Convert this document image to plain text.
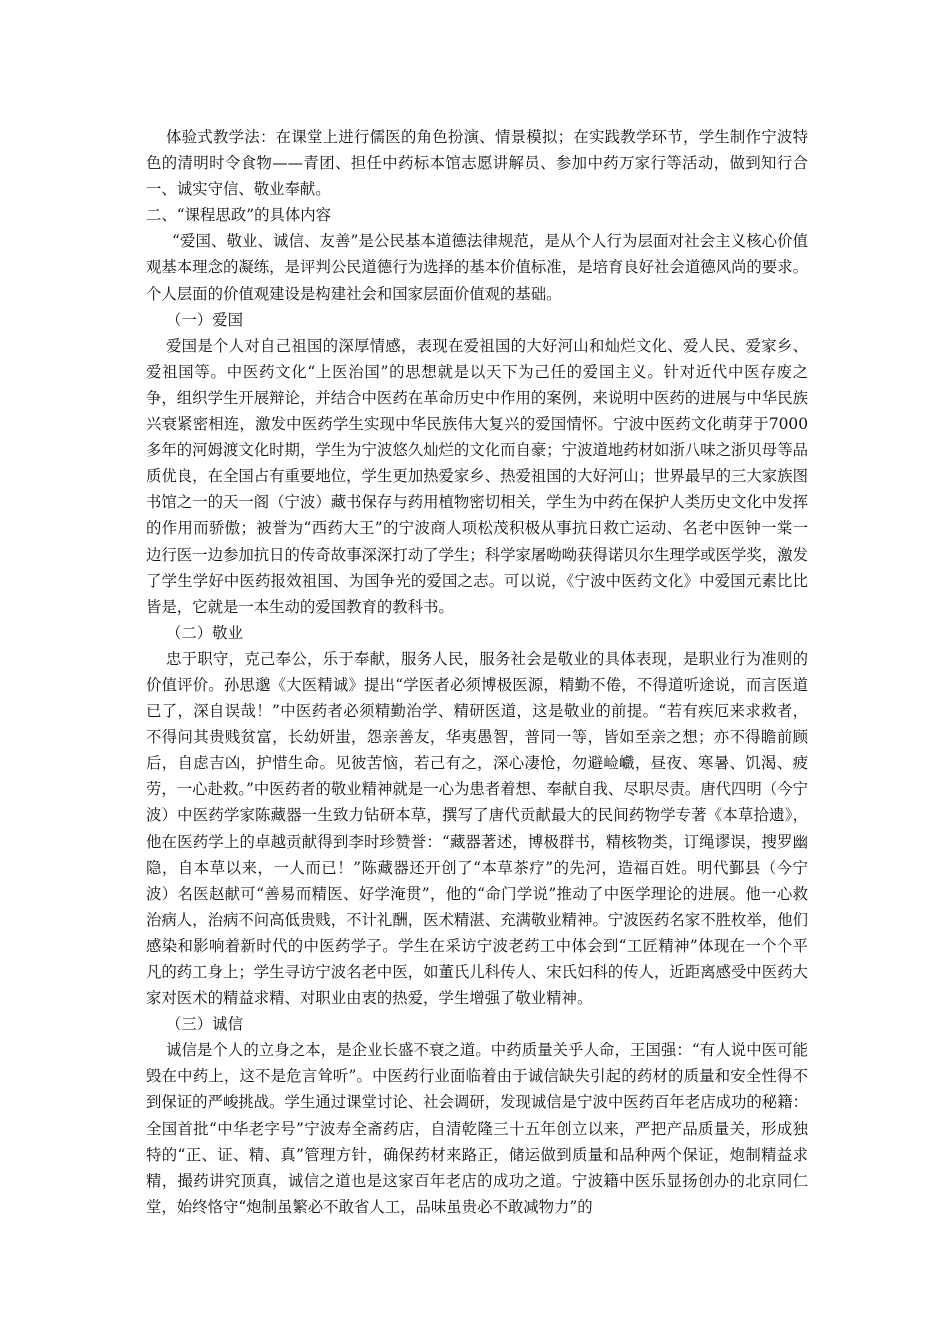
体验式教学法：在课堂上进行儒医的角色扮演、情景模拟；在实践教学环节，学生制作宁波特色的清明时令食物——青团、担任中药标本馆志愿讲解员、参加中药万家行等活动，做到知行合一、诚实守信、敬业奉献。

二、“课程思政”的具体内容

“爱国、敬业、诚信、友善”是公民基本道德法律规范，是从个人行为层面对社会主义核心价值观基本理念的凝练，是评判公民道德行为选择的基本价值标准，是培育良好社会道德风尚的要求。个人层面的价值观建设是构建社会和国家层面价值观的基础。

（一）爱国

爱国是个人对自己祖国的深厚情感，表现在爱祖国的大好河山和灿烂文化、爱人民、爱家乡、爱祖国等。中医药文化“上医治国”的思想就是以天下为己任的爱国主义。针对近代中医存废之争，组织学生开展辩论，并结合中医药在革命历史中作用的案例，来说明中医药的进展与中华民族兴衰紧密相连，激发中医药学生实现中华民族伟大复兴的爱国情怀。宁波中医药文化萌芽于7000多年的河姆渡文化时期，学生为宁波悠久灿烂的文化而自豪；宁波道地药材如浙八味之浙贝母等品质优良，在全国占有重要地位，学生更加热爱家乡、热爱祖国的大好河山；世界最早的三大家族图书馆之一的天一阁（宁波）藏书保存与药用植物密切相关，学生为中药在保护人类历史文化中发挥的作用而骄傲；被誉为“西药大王”的宁波商人项松茂积极从事抗日救亡运动、名老中医钟一棠一边行医一边参加抗日的传奇故事深深打动了学生；科学家屠呦呦获得诺贝尔生理学或医学奖，激发了学生学好中医药报效祖国、为国争光的爱国之志。可以说，《宁波中医药文化》中爱国元素比比皆是，它就是一本生动的爱国教育的教科书。

（二）敬业

忠于职守，克己奉公，乐于奉献，服务人民，服务社会是敬业的具体表现，是职业行为准则的价值评价。孙思邈《大医精诚》提出“学医者必须博极医源，精勤不倦，不得道听途说，而言医道已了，深自误哉！”中医药者必须精勤治学、精研医道，这是敬业的前提。“若有疾厄来求救者，不得问其贵贱贫富，长幼妍蚩，怨亲善友，华夷愚智，普同一等，皆如至亲之想；亦不得瞻前顾后，自虑吉凶，护惜生命。见彼苦恼，若己有之，深心凄怆，勿避崄巇，昼夜、寒暑、饥渴、疲劳，一心赴救。”中医药者的敬业精神就是一心为患者着想、奉献自我、尽职尽责。唐代四明（今宁波）中医药学家陈藏器一生致力钻研本草，撰写了唐代贡献最大的民间药物学专著《本草拾遗》，他在医药学上的卓越贡献得到李时珍赞誉：“藏器著述，博极群书，精核物类，订绳谬误，搜罗幽隐，自本草以来，一人而已！”陈藏器还开创了“本草茶疗”的先河，造福百姓。明代鄞县（今宁波）名医赵献可“善易而精医、好学淹贯”，他的“命门学说”推动了中医学理论的进展。他一心救治病人，治病不问高低贵贱，不计礼酬，医术精湛、充满敬业精神。宁波医药名家不胜枚举，他们感染和影响着新时代的中医药学子。学生在采访宁波老药工中体会到“工匠精神”体现在一个个平凡的药工身上；学生寻访宁波名老中医，如董氏儿科传人、宋氏妇科的传人，近距离感受中医药大家对医术的精益求精、对职业由衷的热爱，学生增强了敬业精神。

（三）诚信

诚信是个人的立身之本，是企业长盛不衰之道。中药质量关乎人命，王国强：“有人说中医可能毁在中药上，这不是危言耸听”。中医药行业面临着由于诚信缺失引起的药材的质量和安全性得不到保证的严峻挑战。学生通过课堂讨论、社会调研，发现诚信是宁波中医药百年老店成功的秘籍：全国首批“中华老字号”宁波寿全斋药店，自清乾隆三十五年创立以来，严把产品质量关，形成独特的“正、证、精、真”管理方针，确保药材来路正，储运做到质量和品种两个保证，炮制精益求精，撮药讲究顶真，诚信之道也是这家百年老店的成功之道。宁波籍中医乐显扬创办的北京同仁堂，始终恪守“炮制虽繁必不敢省人工，品味虽贵必不敢减物力”的
